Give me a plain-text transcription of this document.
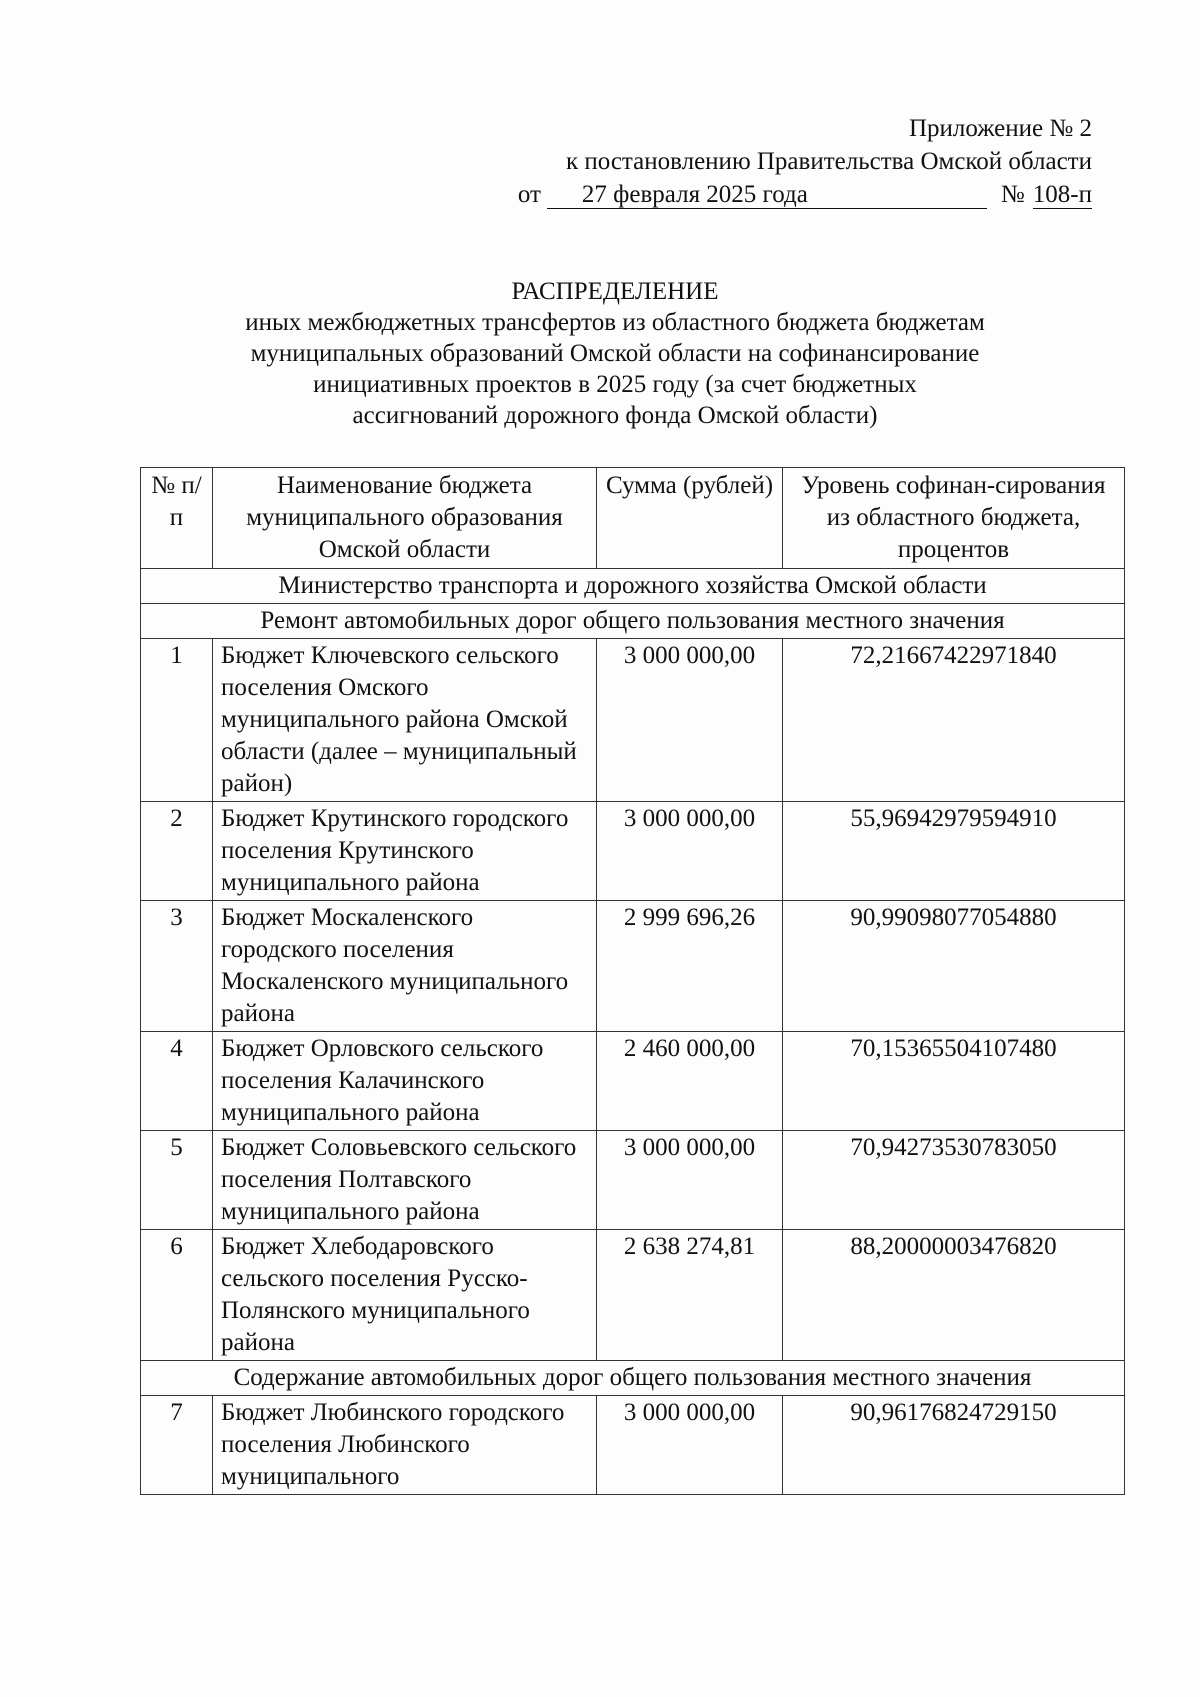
Приложение № 2
к постановлению Правительства Омской области
от	27 февраля 2025 года	№ 108-п
РАСПРЕДЕЛЕНИЕ
иных межбюджетных трансфертов из областного бюджета бюджетам
муниципальных образований Омской области на софинансирование
инициативных проектов в 2025 году (за счет бюджетных
ассигнований дорожного фонда Омской области)
№ п/п	Наименование бюджета муниципального образования Омской области	Сумма (рублей)	Уровень софинан-сирования из областного бюджета, процентов
Министерство транспорта и дорожного хозяйства Омской области			
Ремонт автомобильных дорог общего пользования местного значения			
1	Бюджет Ключевского сельского поселения Омского муниципального района Омской области (далее – муниципальный район)	3 000 000,00	72,21667422971840
2	Бюджет Крутинского городского поселения Крутинского муниципального района	3 000 000,00	55,96942979594910
3	Бюджет Москаленского городского поселения Москаленского муниципального района	2 999 696,26	90,99098077054880
4	Бюджет Орловского сельского поселения Калачинского муниципального района	2 460 000,00	70,15365504107480
5	Бюджет Соловьевского сельского поселения Полтавского муниципального района	3 000 000,00	70,94273530783050
6	Бюджет Хлебодаровского сельского поселения Русско-Полянского муниципального района	2 638 274,81	88,20000003476820
Содержание автомобильных дорог общего пользования местного значения			
7	Бюджет Любинского городского поселения Любинского муниципального	3 000 000,00	90,96176824729150
